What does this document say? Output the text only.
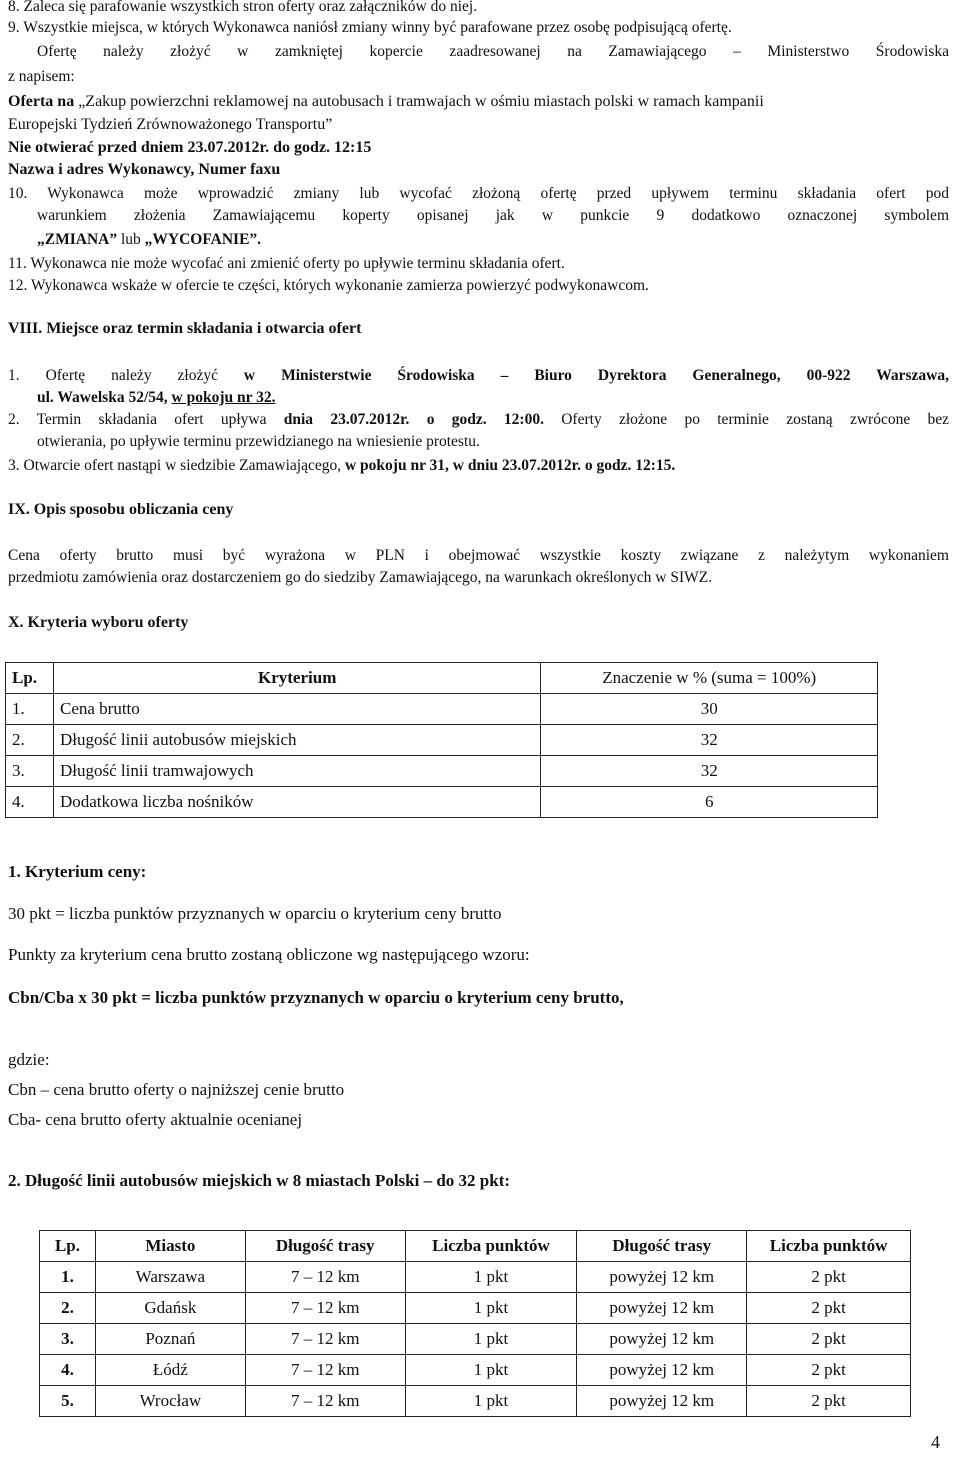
8. Zaleca się parafowanie wszystkich stron oferty oraz załączników do niej.
9. Wszystkie miejsca, w których Wykonawca naniósł zmiany winny być parafowane przez osobę podpisującą ofertę.
Ofertę należy złożyć w zamkniętej kopercie zaadresowanej na Zamawiającego – Ministerstwo Środowiska
z napisem:
Oferta na „Zakup powierzchni reklamowej na autobusach i tramwajach w ośmiu miastach polski w ramach kampanii
Europejski Tydzień Zrównoważonego Transportu”
Nie otwierać przed dniem 23.07.2012r. do godz. 12:15
Nazwa i adres Wykonawcy, Numer faxu
10. Wykonawca może wprowadzić zmiany lub wycofać złożoną ofertę przed upływem terminu składania ofert pod
warunkiem złożenia Zamawiającemu koperty opisanej jak w punkcie 9 dodatkowo oznaczonej symbolem
„ZMIANA” lub „WYCOFANIE”.
11. Wykonawca nie może wycofać ani zmienić oferty po upływie terminu składania ofert.
12. Wykonawca wskaże w ofercie te części, których wykonanie zamierza powierzyć podwykonawcom.
VIII. Miejsce oraz termin składania i otwarcia ofert
1. Ofertę należy złożyć w Ministerstwie Środowiska – Biuro Dyrektora Generalnego, 00-922 Warszawa,
ul. Wawelska 52/54, w pokoju nr 32.
2. Termin składania ofert upływa dnia 23.07.2012r. o godz. 12:00. Oferty złożone po terminie zostaną zwrócone bez
otwierania, po upływie terminu przewidzianego na wniesienie protestu.
3. Otwarcie ofert nastąpi w siedzibie Zamawiającego, w pokoju nr 31, w dniu 23.07.2012r. o godz. 12:15.
IX. Opis sposobu obliczania ceny
Cena oferty brutto musi być wyrażona w PLN i obejmować wszystkie koszty związane z należytym wykonaniem
przedmiotu zamówienia oraz dostarczeniem go do siedziby Zamawiającego, na warunkach określonych w SIWZ.
X. Kryteria wyboru oferty
Lp.	Kryterium	Znaczenie w % (suma = 100%)
1.	Cena brutto	30
2.	Długość linii autobusów miejskich	32
3.	Długość linii tramwajowych	32
4.	Dodatkowa liczba nośników	6
1. Kryterium ceny:
30 pkt = liczba punktów przyznanych w oparciu o kryterium ceny brutto
Punkty za kryterium cena brutto zostaną obliczone wg następującego wzoru:
Cbn/Cba x 30 pkt = liczba punktów przyznanych w oparciu o kryterium ceny brutto,
gdzie:
Cbn – cena brutto oferty o najniższej cenie brutto
Cba- cena brutto oferty aktualnie ocenianej
2. Długość linii autobusów miejskich w 8 miastach Polski – do 32 pkt:
Lp.	Miasto	Długość trasy	Liczba punktów	Długość trasy	Liczba punktów
1.	Warszawa	7 – 12 km	1 pkt	powyżej 12 km	2 pkt
2.	Gdańsk	7 – 12 km	1 pkt	powyżej 12 km	2 pkt
3.	Poznań	7 – 12 km	1 pkt	powyżej 12 km	2 pkt
4.	Łódź	7 – 12 km	1 pkt	powyżej 12 km	2 pkt
5.	Wrocław	7 – 12 km	1 pkt	powyżej 12 km	2 pkt
4
